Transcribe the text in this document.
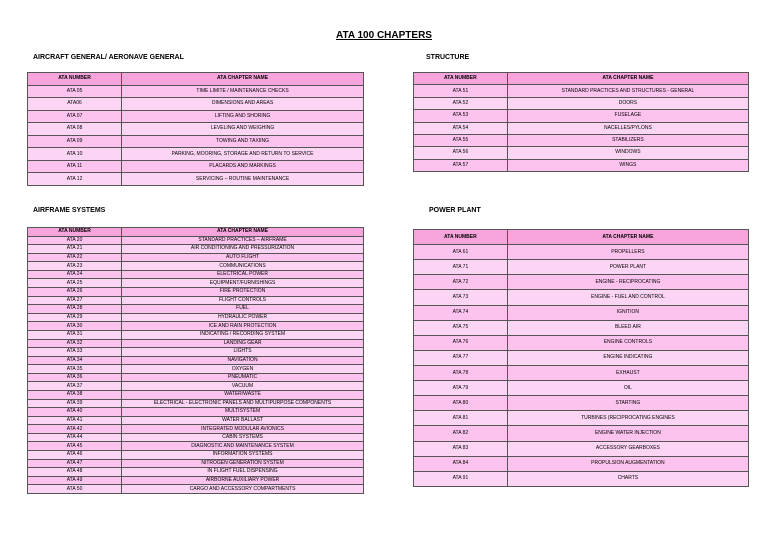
ATA 100 CHAPTERS
AIRCRAFT GENERAL/ AERONAVE GENERAL	STRUCTURE
AIRFRAME SYSTEMS	POWER PLANT
ATA NUMBER	ATA CHAPTER NAME
ATA 05	TIME LIMITE / MAINTENANCE CHECKS
ATA06	DIMENSIONS AND AREAS
ATA 07	LIFTING AND SHORING
ATA 08	LEVELING AND WEIGHING
ATA 09	TOWING AND TAXIING
ATA 10	PARKING, MOORING, STORAGE AND RETURN TO SERVICE
ATA 11	PLACARDS AND MARKINGS
ATA 12	SERVICING – ROUTINE MAINTENANCE
ATA NUMBER	ATA CHAPTER NAME
ATA 51	STANDARD PRACTICES AND STRUCTURES - GENERAL
ATA 52	DOORS
ATA 53	FUSELAGE
ATA 54	NACELLES/PYLONS
ATA 55	STABILIZERS
ATA 56	WINDOWS
ATA 57	WINGS
ATA NUMBER	ATA CHAPTER NAME
ATA 20	STANDARD PRACTICES – AIRFRAME
ATA 21	AIR CONDITIONING AND PRESSURIZATION
ATA 22	AUTO FLIGHT
ATA 23	COMMUNICATIONS
ATA 24	ELECTRICAL POWER
ATA 25	EQUIPMENT/FURNISHINGS
ATA 26	FIRE PROTECTION
ATA 27	FLIGHT CONTROLS
ATA 28	FUEL
ATA 29	HYDRAULIC POWER
ATA 30	ICE AND RAIN PROTECTION
ATA 31	INDICATING / RECORDING SYSTEM
ATA 32	LANDING GEAR
ATA 33	LIGHTS
ATA 34	NAVIGATION
ATA 35	OXYGEN
ATA 36	PNEUMATIC
ATA 37	VACUUM
ATA 38	WATER/WASTE
ATA 39	ELECTRICAL - ELECTRONIC PANELS AND MULTIPURPOSE COMPONENTS
ATA 40	MULTISYSTEM
ATA 41	WATER BALLAST
ATA 42	INTEGRATED MODULAR AVIONICS
ATA 44	CABIN SYSTEMS
ATA 45	DIAGNOSTIC AND MAINTENANCE SYSTEM
ATA 46	INFORMATION SYSTEMS
ATA 47	NITROGEN GENERATION SYSTEM
ATA 48	IN FLIGHT FUEL DISPENSING
ATA 49	AIRBORNE AUXILIARY POWER
ATA 50	CARGO AND ACCESSORY COMPARTMENTS
ATA NUMBER	ATA CHAPTER NAME
ATA 61	PROPELLERS
ATA 71	POWER PLANT
ATA 72	ENGINE - RECIPROCATING
ATA 73	ENGINE - FUEL AND CONTROL
ATA 74	IGNITION
ATA 75	BLEED AIR
ATA 76	ENGINE CONTROLS
ATA 77	ENGINE INDICATING
ATA 78	EXHAUST
ATA 79	OIL
ATA 80	STARTING
ATA 81	TURBINES (RECIPROCATING ENGINES
ATA 82	ENGINE WATER INJECTION
ATA 83	ACCESSORY GEARBOXES
ATA 84	PROPULSION AUGMENTATION
ATA 91	CHARTS
